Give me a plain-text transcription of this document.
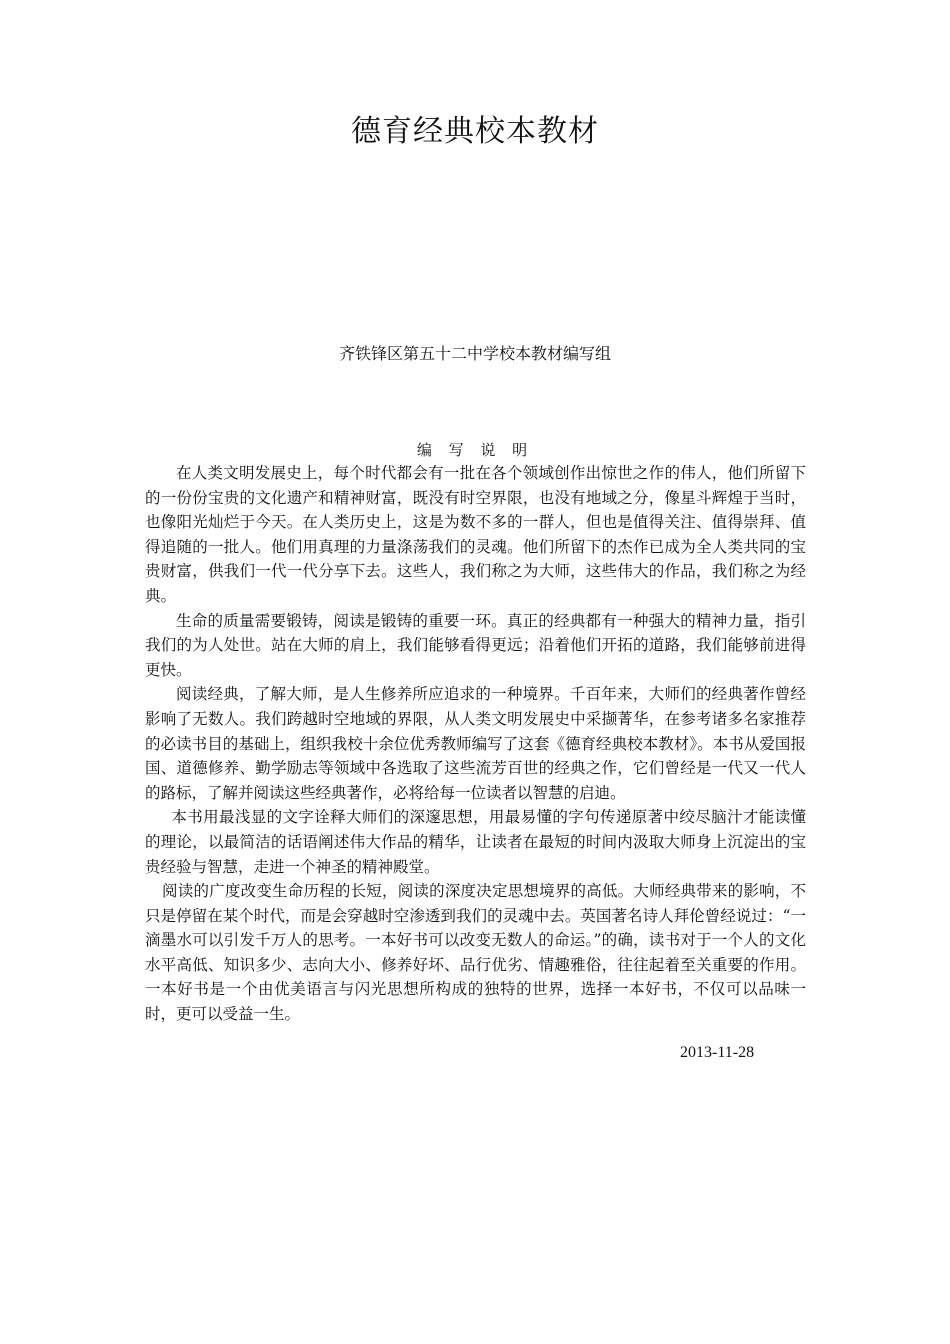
德育经典校本教材
齐铁锋区第五十二中学校本教材编写组
编 写 说 明

在人类文明发展史上，每个时代都会有一批在各个领域创作出惊世之作的伟人，他们所留下的一份份宝贵的文化遗产和精神财富，既没有时空界限，也没有地域之分，像星斗辉煌于当时，也像阳光灿烂于今天。在人类历史上，这是为数不多的一群人，但也是值得关注、值得崇拜、值得追随的一批人。他们用真理的力量涤荡我们的灵魂。他们所留下的杰作已成为全人类共同的宝贵财富，供我们一代一代分享下去。这些人，我们称之为大师，这些伟大的作品，我们称之为经典。

生命的质量需要锻铸，阅读是锻铸的重要一环。真正的经典都有一种强大的精神力量，指引我们的为人处世。站在大师的肩上，我们能够看得更远；沿着他们开拓的道路，我们能够前进得更快。

阅读经典，了解大师，是人生修养所应追求的一种境界。千百年来，大师们的经典著作曾经影响了无数人。我们跨越时空地域的界限，从人类文明发展史中采撷菁华，在参考诸多名家推荐的必读书目的基础上，组织我校十余位优秀教师编写了这套《德育经典校本教材》。本书从爱国报国、道德修养、勤学励志等领域中各选取了这些流芳百世的经典之作，它们曾经是一代又一代人的路标，了解并阅读这些经典著作，必将给每一位读者以智慧的启迪。

本书用最浅显的文字诠释大师们的深邃思想，用最易懂的字句传递原著中绞尽脑汁才能读懂的理论，以最简洁的话语阐述伟大作品的精华，让读者在最短的时间内汲取大师身上沉淀出的宝贵经验与智慧，走进一个神圣的精神殿堂。

阅读的广度改变生命历程的长短，阅读的深度决定思想境界的高低。大师经典带来的影响，不只是停留在某个时代，而是会穿越时空渗透到我们的灵魂中去。英国著名诗人拜伦曾经说过：“一滴墨水可以引发千万人的思考。一本好书可以改变无数人的命运。”的确，读书对于一个人的文化水平高低、知识多少、志向大小、修养好坏、品行优劣、情趣雅俗，往往起着至关重要的作用。一本好书是一个由优美语言与闪光思想所构成的独特的世界，选择一本好书，不仅可以品味一时，更可以受益一生。

2013-11-28
